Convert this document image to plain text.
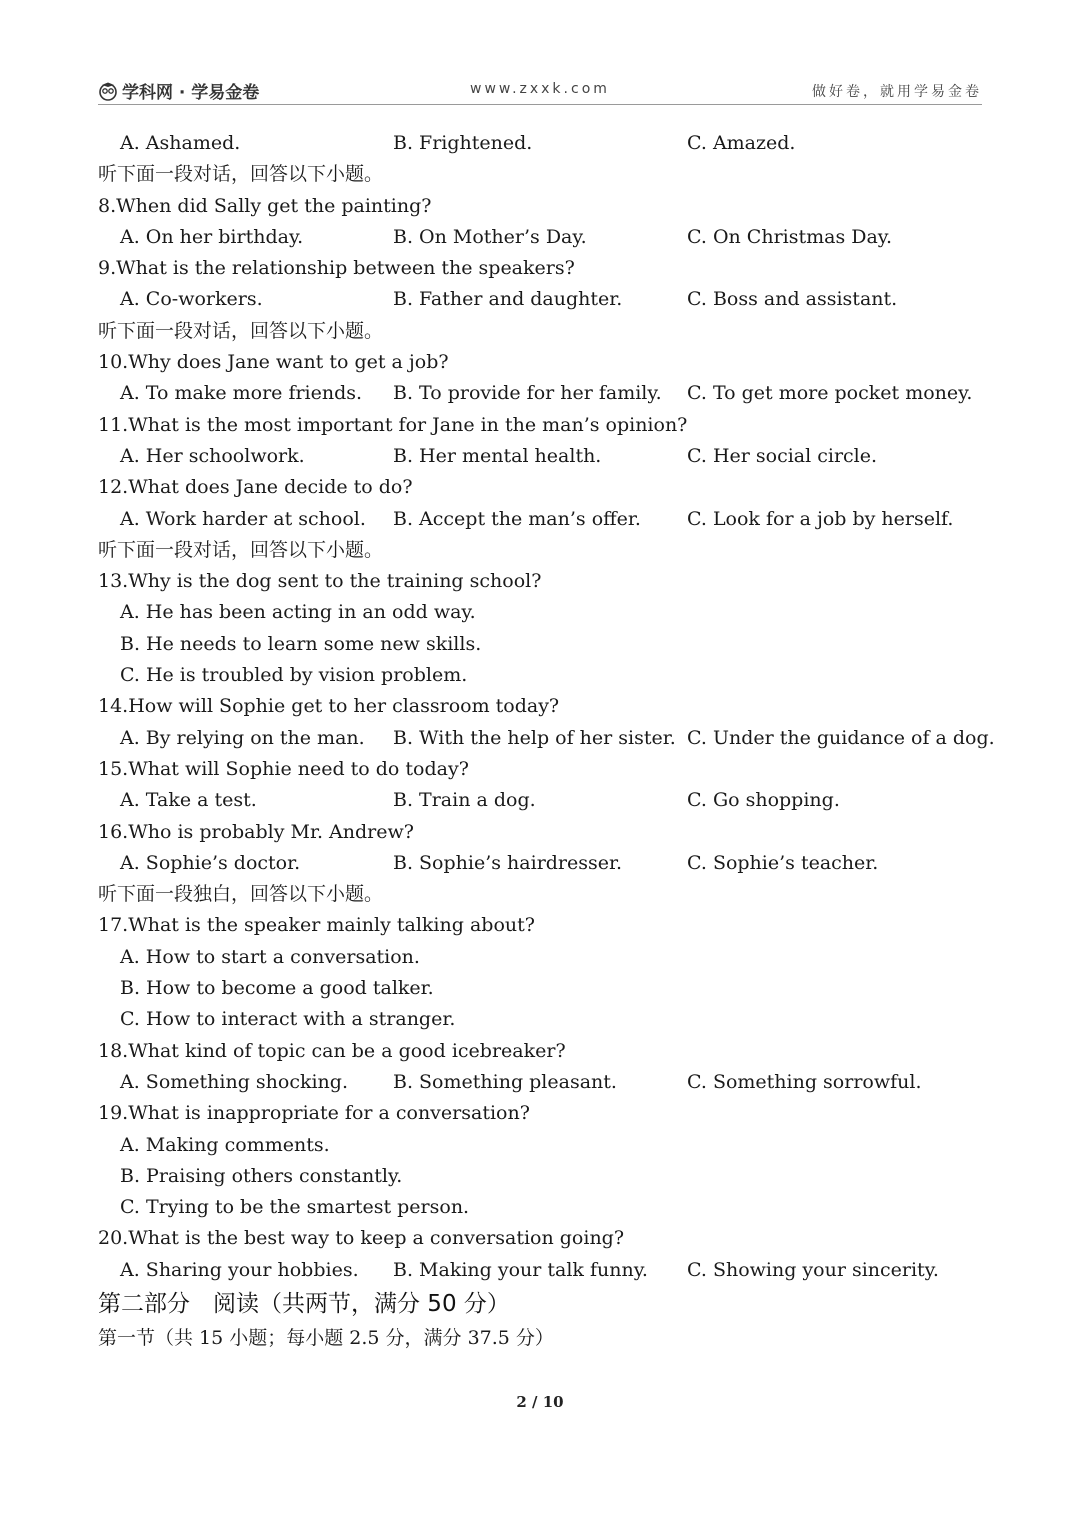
学科网 · 学易金卷	www.zxxk.com	做好卷，就用学易金卷
A. Ashamed.	B. Frightened.	C. Amazed.
听下面一段对话，回答以下小题。
8.When did Sally get the painting?
A. On her birthday.	B. On Mother’s Day.	C. On Christmas Day.
9.What is the relationship between the speakers?
A. Co-workers.	B. Father and daughter.	C. Boss and assistant.
听下面一段对话，回答以下小题。
10.Why does Jane want to get a job?
A. To make more friends. B. To provide for her family. C. To get more pocket money.
11.What is the most important for Jane in the man’s opinion?
A. Her schoolwork.	B. Her mental health.	C. Her social circle.
12.What does Jane decide to do?
A. Work harder at school. B. Accept the man’s offer. C. Look for a job by herself.
听下面一段对话，回答以下小题。
13.Why is the dog sent to the training school?
A. He has been acting in an odd way.
B. He needs to learn some new skills.
C. He is troubled by vision problem.
14.How will Sophie get to her classroom today?
A. By relying on the man. B. With the help of her sister. C. Under the guidance of a dog.
15.What will Sophie need to do today?
A. Take a test.	B. Train a dog.	C. Go shopping.
16.Who is probably Mr. Andrew?
A. Sophie’s doctor.	B. Sophie’s hairdresser.	C. Sophie’s teacher.
听下面一段独白，回答以下小题。
17.What is the speaker mainly talking about?
A. How to start a conversation.
B. How to become a good talker.
C. How to interact with a stranger.
18.What kind of topic can be a good icebreaker?
A. Something shocking. B. Something pleasant.	C. Something sorrowful.
19.What is inappropriate for a conversation?
A. Making comments.
B. Praising others constantly.
C. Trying to be the smartest person.
20.What is the best way to keep a conversation going?
A. Sharing your hobbies. B. Making your talk funny. C. Showing your sincerity.
第二部分　阅读（共两节，满分 50 分）
第一节（共 15 小题；每小题 2.5 分，满分 37.5 分）
2 / 10
